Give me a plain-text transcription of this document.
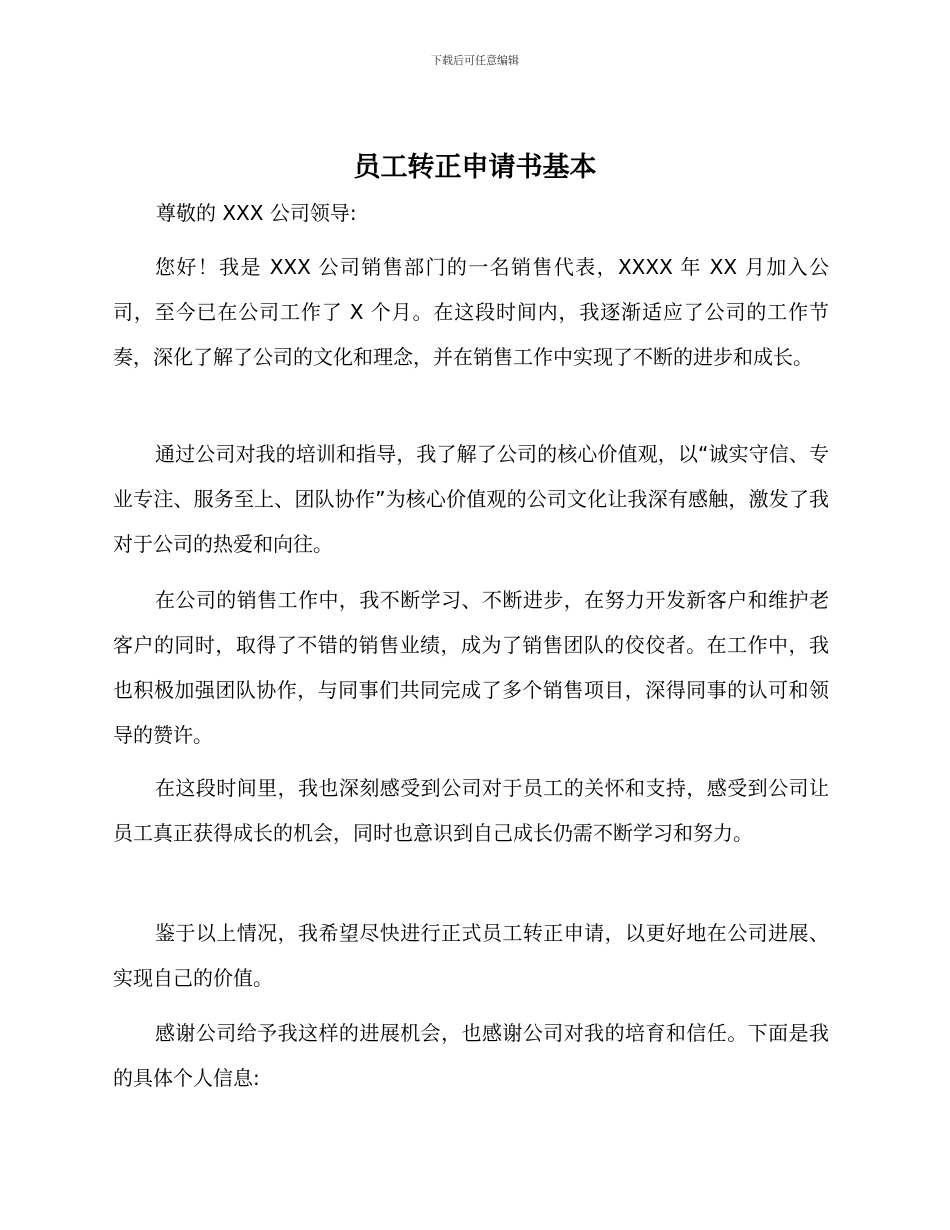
下载后可任意编辑
员工转正申请书基本

尊敬的 XXX 公司领导:

您好！我是 XXX 公司销售部门的一名销售代表，XXXX 年 XX 月加入公司，至今已在公司工作了 X 个月。在这段时间内，我逐渐适应了公司的工作节奏，深化了解了公司的文化和理念，并在销售工作中实现了不断的进步和成长。

通过公司对我的培训和指导，我了解了公司的核心价值观，以“诚实守信、专业专注、服务至上、团队协作”为核心价值观的公司文化让我深有感触，激发了我对于公司的热爱和向往。

在公司的销售工作中，我不断学习、不断进步，在努力开发新客户和维护老客户的同时，取得了不错的销售业绩，成为了销售团队的佼佼者。在工作中，我也积极加强团队协作，与同事们共同完成了多个销售项目，深得同事的认可和领导的赞许。

在这段时间里，我也深刻感受到公司对于员工的关怀和支持，感受到公司让员工真正获得成长的机会，同时也意识到自己成长仍需不断学习和努力。

鉴于以上情况，我希望尽快进行正式员工转正申请，以更好地在公司进展、实现自己的价值。

感谢公司给予我这样的进展机会，也感谢公司对我的培育和信任。下面是我的具体个人信息:
